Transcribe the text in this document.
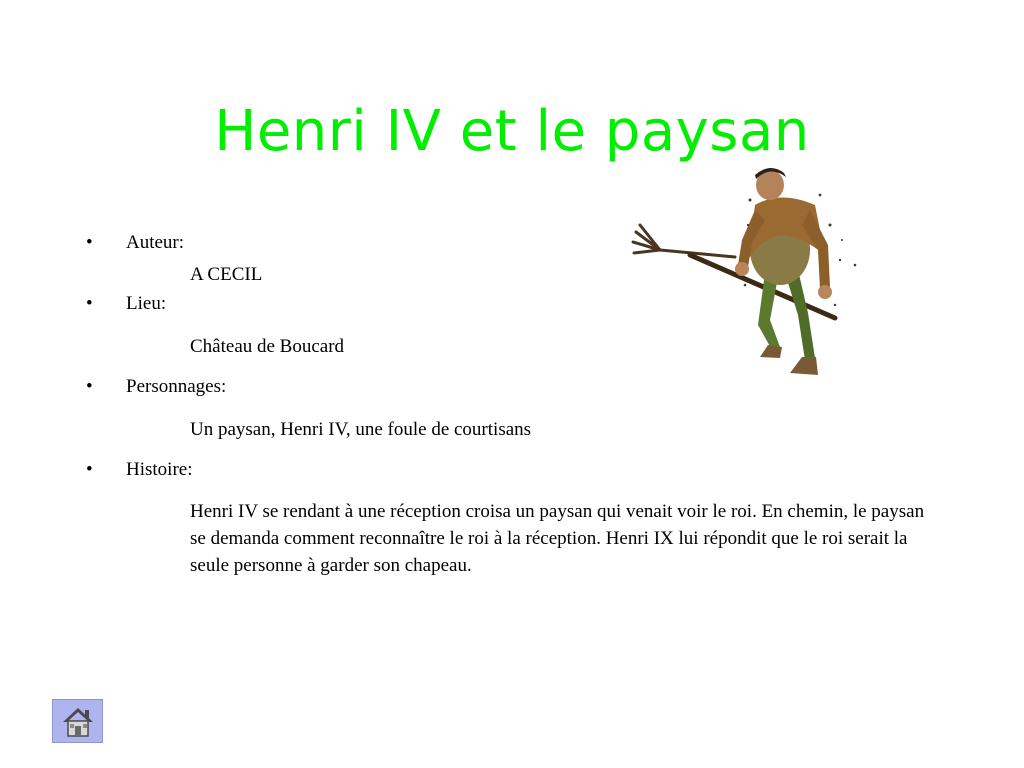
Henri IV et le paysan
•	Auteur:
A CECIL
•	Lieu:
Château de Boucard
•	Personnages:
Un paysan, Henri IV, une foule de courtisans
•	Histoire:
Henri IV se rendant à une réception croisa un paysan qui venait voir le roi. En chemin, le paysan se demanda comment reconnaître le roi à la réception. Henri IX lui répondit que le roi serait la seule personne à garder son chapeau.
